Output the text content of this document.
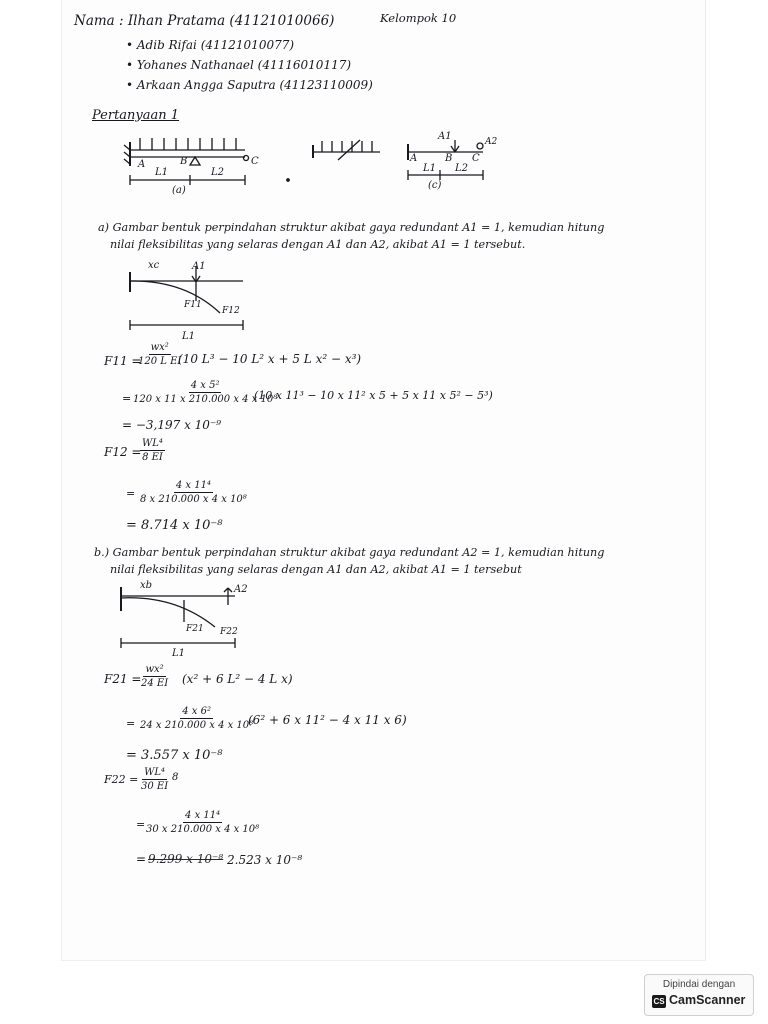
Nama : Ilhan Pratama (41121010066)	Kelompok 10
• Adib Rifai (41121010077)
• Yohanes Nathanael (41116010117)
• Arkaan Angga Saputra (41123110009)
Pertanyaan 1
A	B	C
L1	L2
(a)
A1	A2
A	B C
L1 L2
(c)
a) Gambar bentuk perpindahan struktur akibat gaya redundant A1 = 1, kemudian hitung
nilai fleksibilitas yang selaras dengan A1 dan A2, akibat A1 = 1 tersebut.
xc	A1
F11
F12
L1
F11 =
$\frac{\text{wx²}}{\text{120 L EI}}$
(10 L³ − 10 L² x + 5 L x² − x³)
= $\frac{\text{4 x 5²}}{\text{120 x 11 x 210.000 x 4 x 10⁸}}$
(10 x 11³ − 10 x 11² x 5 + 5 x 11 x 5² − 5³)
= −3,197 x 10⁻⁹
F12 =
$\frac{\text{WL⁴}}{8 EI}$
= $\frac{\text{4 x 11⁴}}{\text{8 x 210.000 x 4 x 10⁸}}$
= 8.714 x 10⁻⁸
b.) Gambar bentuk perpindahan struktur akibat gaya redundant A2 = 1, kemudian hitung
nilai fleksibilitas yang selaras dengan A1 dan A2, akibat A1 = 1 tersebut
xb	A2
F21 F22
L1
$F21 = \frac{\text{wx²}}{24 EI} (x^2 + 6$ L² − 4 L x)
= $\frac{\text{4 x 6²}}{\text{24 x 210.000 x 4 x 10⁸}}$
(6² + 6 x 11² − 4 x 11 x 6)
= 3.557 x 10⁻⁸
$F22 = \frac{\text{WL⁴}}{30 EI} 8$
= $\frac{\text{4 x 11⁴}}{\text{30 x 210.000 x 4 x 10⁸}}$
= 9.299 x 10⁻⁸ 2.523 x 10⁻⁸
Dipindai dengan
CS CamScanner
